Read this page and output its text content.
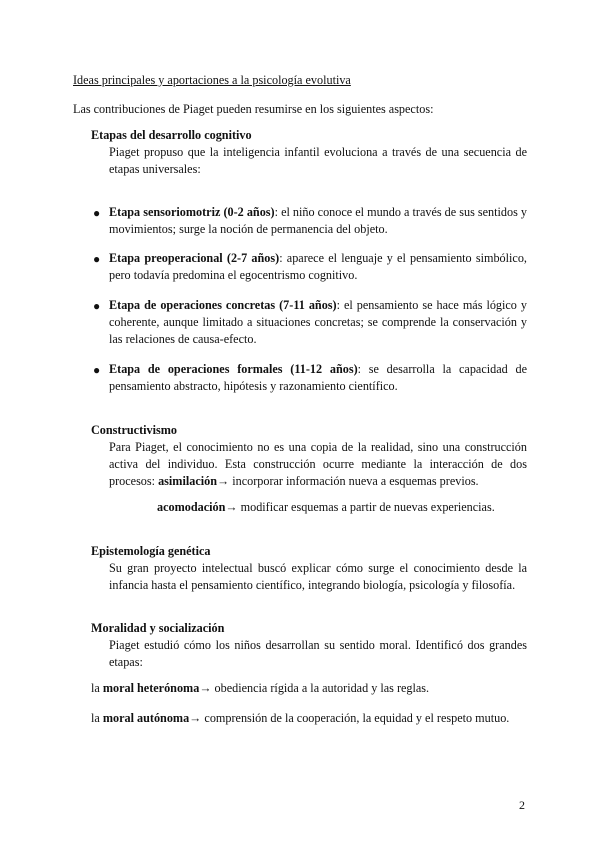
Ideas principales y aportaciones a la psicología evolutiva
Las contribuciones de Piaget pueden resumirse en los siguientes aspectos:
Etapas del desarrollo cognitivo
Piaget propuso que la inteligencia infantil evoluciona a través de una secuencia de etapas universales:
● Etapa sensoriomotriz (0-2 años): el niño conoce el mundo a través de sus sentidos y movimientos; surge la noción de permanencia del objeto.
● Etapa preoperacional (2-7 años): aparece el lenguaje y el pensamiento simbólico, pero todavía predomina el egocentrismo cognitivo.
● Etapa de operaciones concretas (7-11 años): el pensamiento se hace más lógico y coherente, aunque limitado a situaciones concretas; se comprende la conservación y las relaciones de causa-efecto.
● Etapa de operaciones formales (11-12 años): se desarrolla la capacidad de pensamiento abstracto, hipótesis y razonamiento científico.
Constructivismo
Para Piaget, el conocimiento no es una copia de la realidad, sino una construcción activa del individuo. Esta construcción ocurre mediante la interacción de dos procesos: asimilación→ incorporar información nueva a esquemas previos.
acomodación→ modificar esquemas a partir de nuevas experiencias.
Epistemología genética
Su gran proyecto intelectual buscó explicar cómo surge el conocimiento desde la infancia hasta el pensamiento científico, integrando biología, psicología y filosofía.
Moralidad y socialización
Piaget estudió cómo los niños desarrollan su sentido moral. Identificó dos grandes etapas:
la moral heterónoma→ obediencia rígida a la autoridad y las reglas.
la moral autónoma→ comprensión de la cooperación, la equidad y el respeto mutuo.
2
